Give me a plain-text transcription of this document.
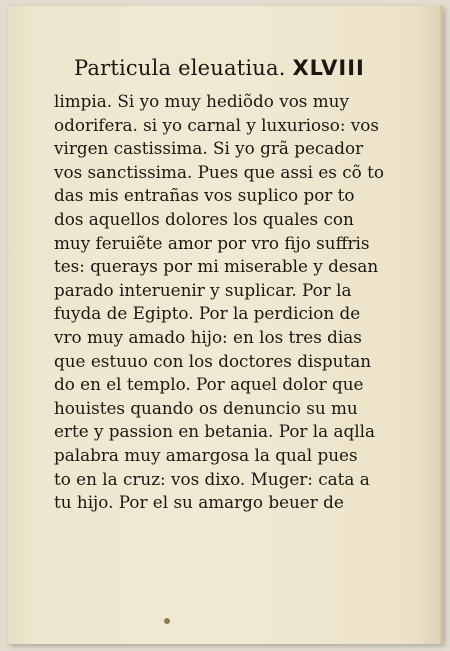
Particula eleuatiua. XLVIII
limpia. Si yo muy hediõdo vos muy
odorifera. si yo carnal y luxurioso: vos
virgen castissima. Si yo grã pecador
vos sanctissima. Pues que assi es cõ to
das mis entrañas vos suplico por to
dos aquellos dolores los quales con
muy feruiẽte amor por vro fijo suffris
tes: querays por mi miserable y desan
parado interuenir y suplicar. Por la
fuyda de Egipto. Por la perdicion de
vro muy amado hijo: en los tres dias
que estuuo con los doctores disputan
do en el templo. Por aquel dolor que
houistes quando os denuncio su mu
erte y passion en betania. Por la aqlla
palabra muy amargosa la qual pues
to en la cruz: vos dixo. Muger: cata a
tu hijo. Por el su amargo beuer de
